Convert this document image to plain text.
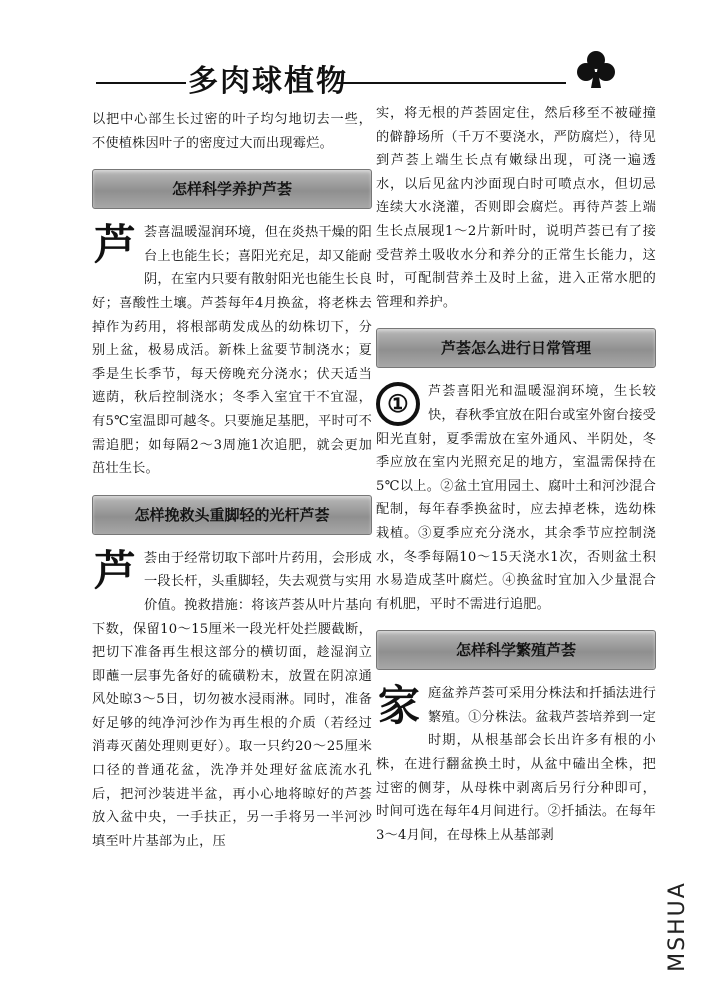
多肉球植物

以把中心部生长过密的叶子均匀地切去一些，不使植株因叶子的密度过大而出现霉烂。

怎样科学养护芦荟

芦 荟喜温暖湿润环境，但在炎热干燥的阳台上也能生长；喜阳光充足，却又能耐阴，在室内只要有散射阳光也能生长良好；喜酸性土壤。芦荟每年4月换盆，将老株去掉作为药用，将根部萌发成丛的幼株切下，分别上盆，极易成活。新株上盆要节制浇水；夏季是生长季节，每天傍晚充分浇水；伏天适当遮荫，秋后控制浇水；冬季入室宜干不宜湿，有5℃室温即可越冬。只要施足基肥，平时可不需追肥；如每隔2～3周施1次追肥，就会更加茁壮生长。

怎样挽救头重脚轻的光杆芦荟

芦 荟由于经常切取下部叶片药用，会形成一段长杆，头重脚轻，失去观赏与实用价值。挽救措施：将该芦荟从叶片基向下数，保留10～15厘米一段光杆处拦腰截断，把切下准备再生根这部分的横切面，趁湿润立即蘸一层事先备好的硫磺粉末，放置在阴凉通风处晾3～5日，切勿被水浸雨淋。同时，准备好足够的纯净河沙作为再生根的介质（若经过消毒灭菌处理则更好）。取一只约20～25厘米口径的普通花盆，洗净并处理好盆底流水孔后，把河沙装进半盆，再小心地将晾好的芦荟放入盆中央，一手扶正，另一手将另一半河沙填至叶片基部为止，压

实，将无根的芦荟固定住，然后移至不被碰撞的僻静场所（千万不要浇水，严防腐烂），待见到芦荟上端生长点有嫩绿出现，可浇一遍透水，以后见盆内沙面现白时可喷点水，但切忌连续大水浇灌，否则即会腐烂。再待芦荟上端生长点展现1～2片新叶时，说明芦荟已有了接受营养土吸收水分和养分的正常生长能力，这时，可配制营养土及时上盆，进入正常水肥的管理和养护。

芦荟怎么进行日常管理

①	芦荟喜阳光和温暖湿润环境，生长较快，春秋季宜放在阳台或室外窗台接受阳光直射，夏季需放在室外通风、半阴处，冬季应放在室内光照充足的地方，室温需保持在5℃以上。②盆土宜用园土、腐叶土和河沙混合配制，每年春季换盆时，应去掉老株，选幼株栽植。③夏季应充分浇水，其余季节应控制浇水，冬季每隔10～15天浇水1次，否则盆土积水易造成茎叶腐烂。④换盆时宜加入少量混合有机肥，平时不需进行追肥。

怎样科学繁殖芦荟

家 庭盆养芦荟可采用分株法和扦插法进行繁殖。①分株法。盆栽芦荟培养到一定时期，从根基部会长出许多有根的小株，在进行翻盆换土时，从盆中磕出全株，把过密的侧芽，从母株中剥离后另行分种即可，时间可选在每年4月间进行。②扦插法。在每年3～4月间，在母株上从基部剥

MSHUA
